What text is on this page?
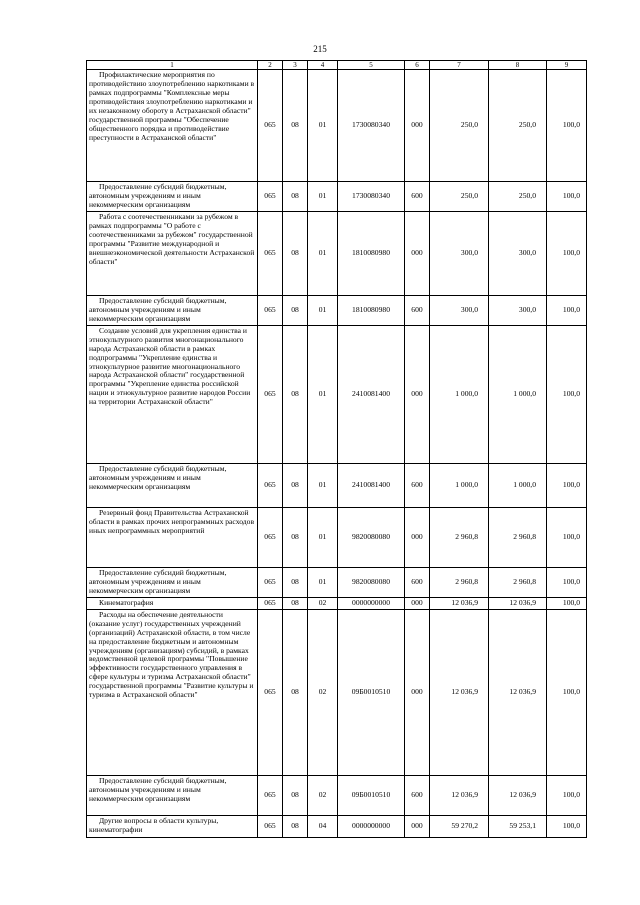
215
1	2	3	4	5	6	7	8	9

Профилактические мероприятия по противодействию злоупотреблению наркотиками в рамках подпрограммы "Комплексные меры противодействия злоупотреблению наркотиками и их незаконному обороту в Астраханской области" государственной программы "Обеспечение общественного порядка и противодействие преступности в Астраханской области"	065	08	01	1730080340	000	250,0	250,0	100,0

Предоставление субсидий бюджетным, автономным учреждениям и иным некоммерческим организациям	065	08	01	1730080340	600	250,0	250,0	100,0

Работа с соотечественниками за рубежом в рамках подпрограммы "О работе с соотечественниками за рубежом" государственной программы "Развитие международной и внешнеэкономической деятельности Астраханской области"	065	08	01	1810080980	000	300,0	300,0	100,0

Предоставление субсидий бюджетным, автономным учреждениям и иным некоммерческим организациям	065	08	01	1810080980	600	300,0	300,0	100,0

Создание условий для укрепления единства и этнокультурного развития многонационального народа Астраханской области в рамках подпрограммы "Укрепление единства и этнокультурное развитие многонационального народа Астраханской области" государственной программы "Укрепление единства российской нации и этнокультурное развитие народов России на территории Астраханской области"	065	08	01	2410081400	000	1 000,0	1 000,0	100,0

Предоставление субсидий бюджетным, автономным учреждениям и иным некоммерческим организациям	065	08	01	2410081400	600	1 000,0	1 000,0	100,0

Резервный фонд Правительства Астраханской области в рамках прочих непрограммных расходов иных непрограммных мероприятий	065	08	01	9820080080	000	2 960,8	2 960,8	100,0

Предоставление субсидий бюджетным, автономным учреждениям и иным некоммерческим организациям	065	08	01	9820080080	600	2 960,8	2 960,8	100,0

Кинематография	065	08	02	0000000000	000	12 036,9	12 036,9	100,0

Расходы на обеспечение деятельности (оказание услуг) государственных учреждений (организаций) Астраханской области, в том числе на предоставление бюджетным и автономным учреждениям (организациям) субсидий, в рамках ведомственной целевой программы "Повышение эффективности государственного управления в сфере культуры и туризма Астраханской области" государственной программы "Развитие культуры и туризма в Астраханской области"	065	08	02	09Б0010510	000	12 036,9	12 036,9	100,0

Предоставление субсидий бюджетным, автономным учреждениям и иным некоммерческим организациям	065	08	02	09Б0010510	600	12 036,9	12 036,9	100,0

Другие вопросы в области культуры, кинематографии	065	08	04	0000000000	000	59 270,2	59 253,1	100,0
